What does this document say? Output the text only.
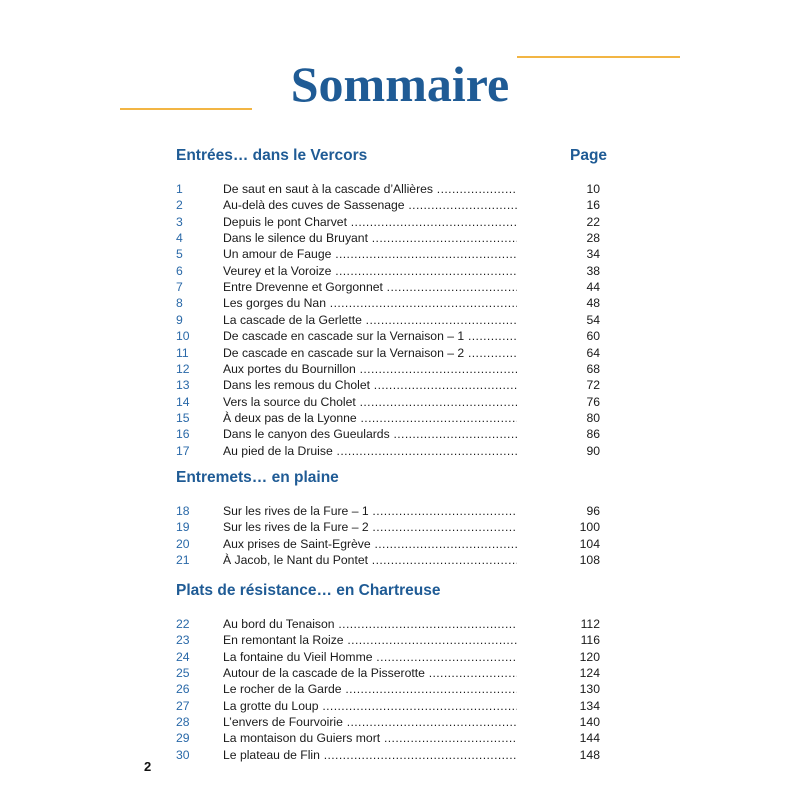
Sommaire
Page
Entrées… dans le Vercors
1	De saut en saut à la cascade d’Allières .....	10
2	Au-delà des cuves de Sassenage .....	16
3	Depuis le pont Charvet .....	22
4	Dans le silence du Bruyant .....	28
5	Un amour de Fauge .....	34
6	Veurey et la Voroize .....	38
7	Entre Drevenne et Gorgonnet .....	44
8	Les gorges du Nan .....	48
9	La cascade de la Gerlette .....	54
10	De cascade en cascade sur la Vernaison – 1 .....	60
11	De cascade en cascade sur la Vernaison – 2 .....	64
12	Aux portes du Bournillon .....	68
13	Dans les remous du Cholet .....	72
14	Vers la source du Cholet .....	76
15	À deux pas de la Lyonne .....	80
16	Dans le canyon des Gueulards .....	86
17	Au pied de la Druise .....	90
Entremets… en plaine
18	Sur les rives de la Fure – 1 .....	96
19	Sur les rives de la Fure – 2 .....	100
20	Aux prises de Saint-Egrève .....	104
21	À Jacob, le Nant du Pontet .....	108
Plats de résistance… en Chartreuse
22	Au bord du Tenaison .....	112
23	En remontant la Roize .....	116
24	La fontaine du Vieil Homme .....	120
25	Autour de la cascade de la Pisserotte .....	124
26	Le rocher de la Garde .....	130
27	La grotte du Loup .....	134
28	L’envers de Fourvoirie .....	140
29	La montaison du Guiers mort .....	144
30	Le plateau de Flin .....	148
2
